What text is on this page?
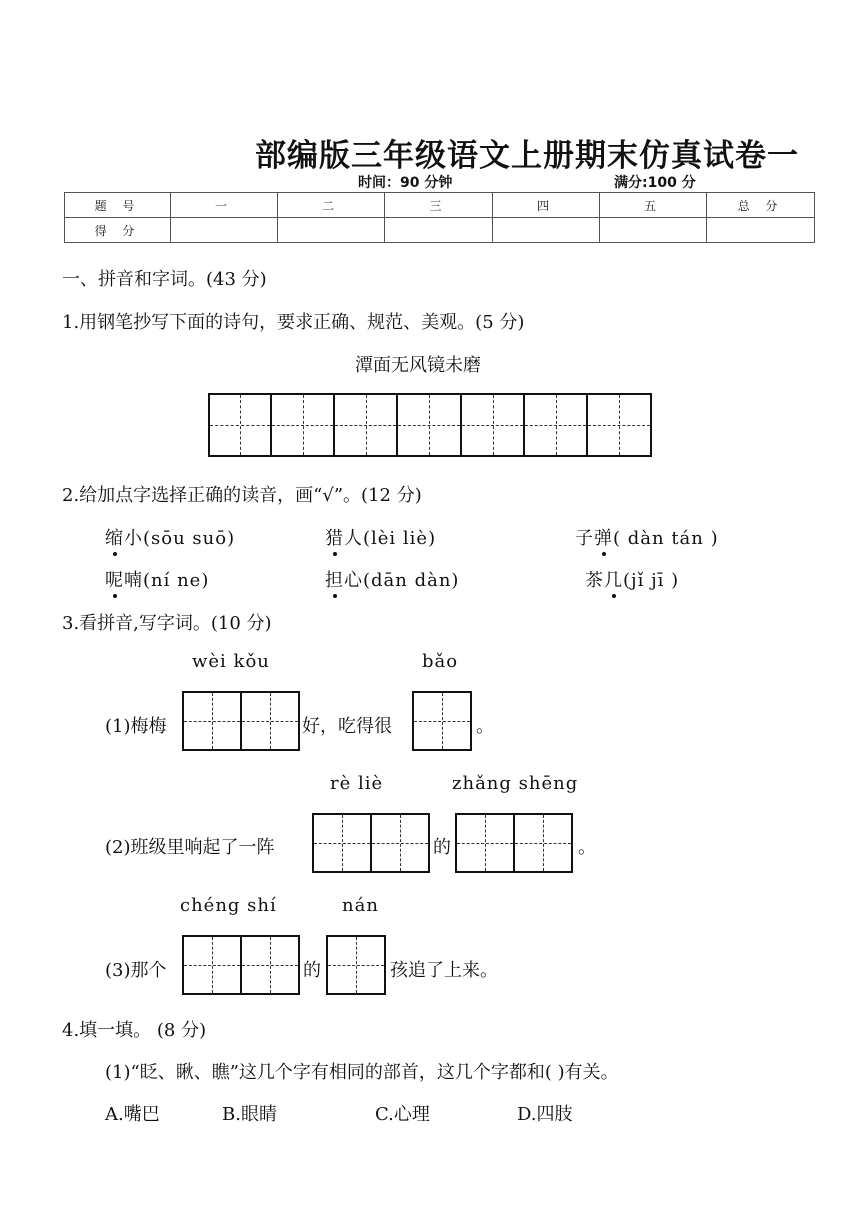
部编版三年级语文上册期末仿真试卷一
时间：90 分钟	满分:100 分
题 号	一	二	三	四	五	总 分
得 分						
一、拼音和字词。(43 分)
1.用钢笔抄写下面的诗句，要求正确、规范、美观。(5 分)
潭面无风镜未磨
2.给加点字选择正确的读音，画“√”。(12 分)
缩小(sōu suō)	猎人(lèi liè)	子弹( dàn tán )
呢喃(ní ne)	担心(dān dàn)	茶几(jǐ jī )
3.看拼音,写字词。(10 分)
wèi kǒu	bǎo
(1)梅梅	好，吃得很	。
rè liè	zhǎng shēng
(2)班级里响起了一阵	的	。
chéng shí	nán
(3)那个	的	孩追了上来。
4.填一填。 (8 分)
(1)“眨、瞅、瞧”这几个字有相同的部首，这几个字都和( )有关。
A.嘴巴	B.眼睛	C.心理	D.四肢
